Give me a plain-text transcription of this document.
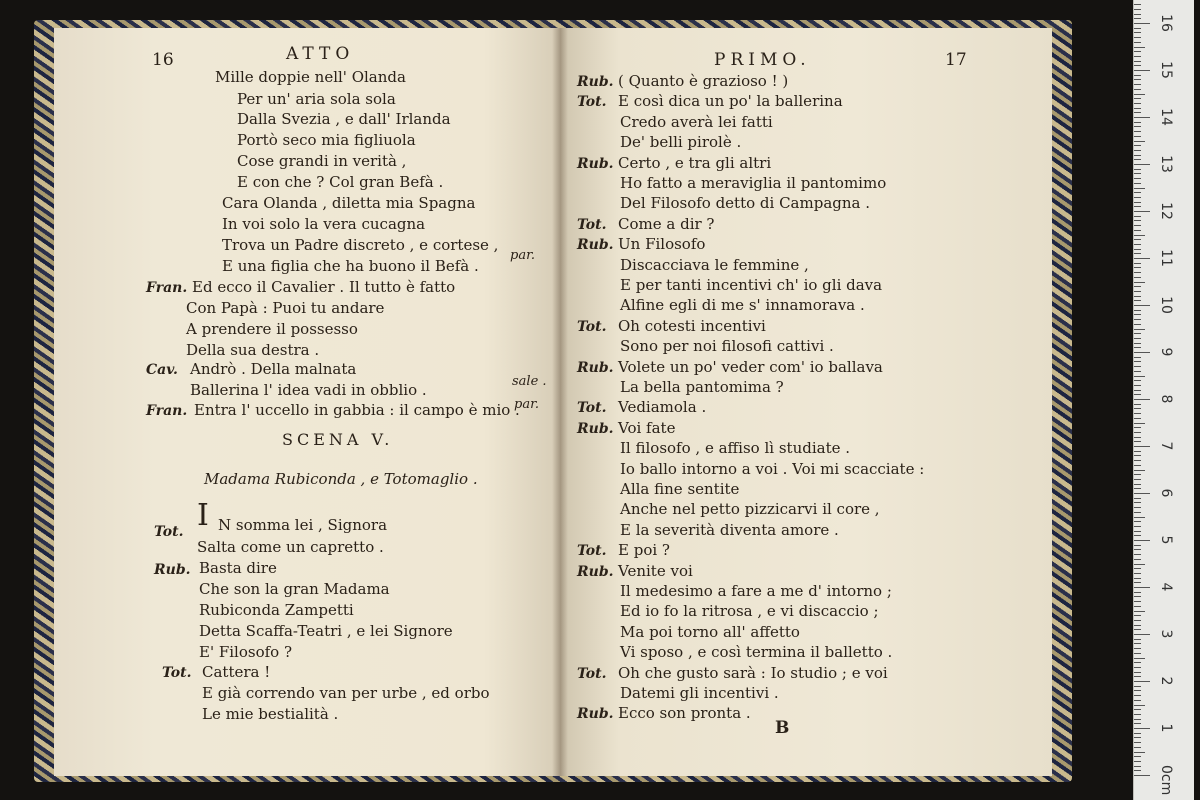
16	ATTO
Mille doppie nell' Olanda
Per un' aria sola sola
Dalla Svezia , e dall' Irlanda
Portò seco mia figliuola
Cose grandi in verità ,
E con che ? Col gran Befà .
Cara Olanda , diletta mia Spagna
In voi solo la vera cucagna
Trova un Padre discreto , e cortese ,
E una figlia che ha buono il Befà .
par.
Fran. Ed ecco il Cavalier . Il tutto è fatto
Con Papà : Puoi tu andare
A prendere il possesso
Della sua destra .
Cav. Andrò . Della malnata
Ballerina l' idea vadi in obblio .	sale .
Fran. Entra l' uccello in gabbia : il campo è mio .
par.
SCENA V.
Madama Rubiconda , e Totomaglio .
Tot. I N somma lei , Signora
Salta come un capretto .
Rub. Basta dire
Che son la gran Madama
Rubiconda Zampetti
Detta Scaffa-Teatri , e lei Signore
E' Filosofo ?
Tot. Cattera !
E già correndo van per urbe , ed orbo
Le mie bestialità .
PRIMO.	17
Rub. ( Quanto è grazioso ! )
Tot. E così dica un po' la ballerina
Credo averà lei fatti
De' belli pirolè .
Rub. Certo , e tra gli altri
Ho fatto a meraviglia il pantomimo
Del Filosofo detto di Campagna .
Tot. Come a dir ?
Rub. Un Filosofo
Discacciava le femmine ,
E per tanti incentivi ch' io gli dava
Alfine egli di me s' innamorava .
Tot. Oh cotesti incentivi
Sono per noi filosofi cattivi .
Rub. Volete un po' veder com' io ballava
La bella pantomima ?
Tot. Vediamola .
Rub. Voi fate
Il filosofo , e affiso lì studiate .
Io ballo intorno a voi . Voi mi scacciate :
Alla fine sentite
Anche nel petto pizzicarvi il core ,
E la severità diventa amore .
Tot. E poi ?
Rub. Venite voi
Il medesimo a fare a me d' intorno ;
Ed io fo la ritrosa , e vi discaccio ;
Ma poi torno all' affetto
Vi sposo , e così termina il balletto .
Tot. Oh che gusto sarà : Io studio ; e voi
Datemi gli incentivi .
Rub. Ecco son pronta .
B
16
15
14
13
12
11
10
9
8
7
6
5
4
3
2
1
0cm
